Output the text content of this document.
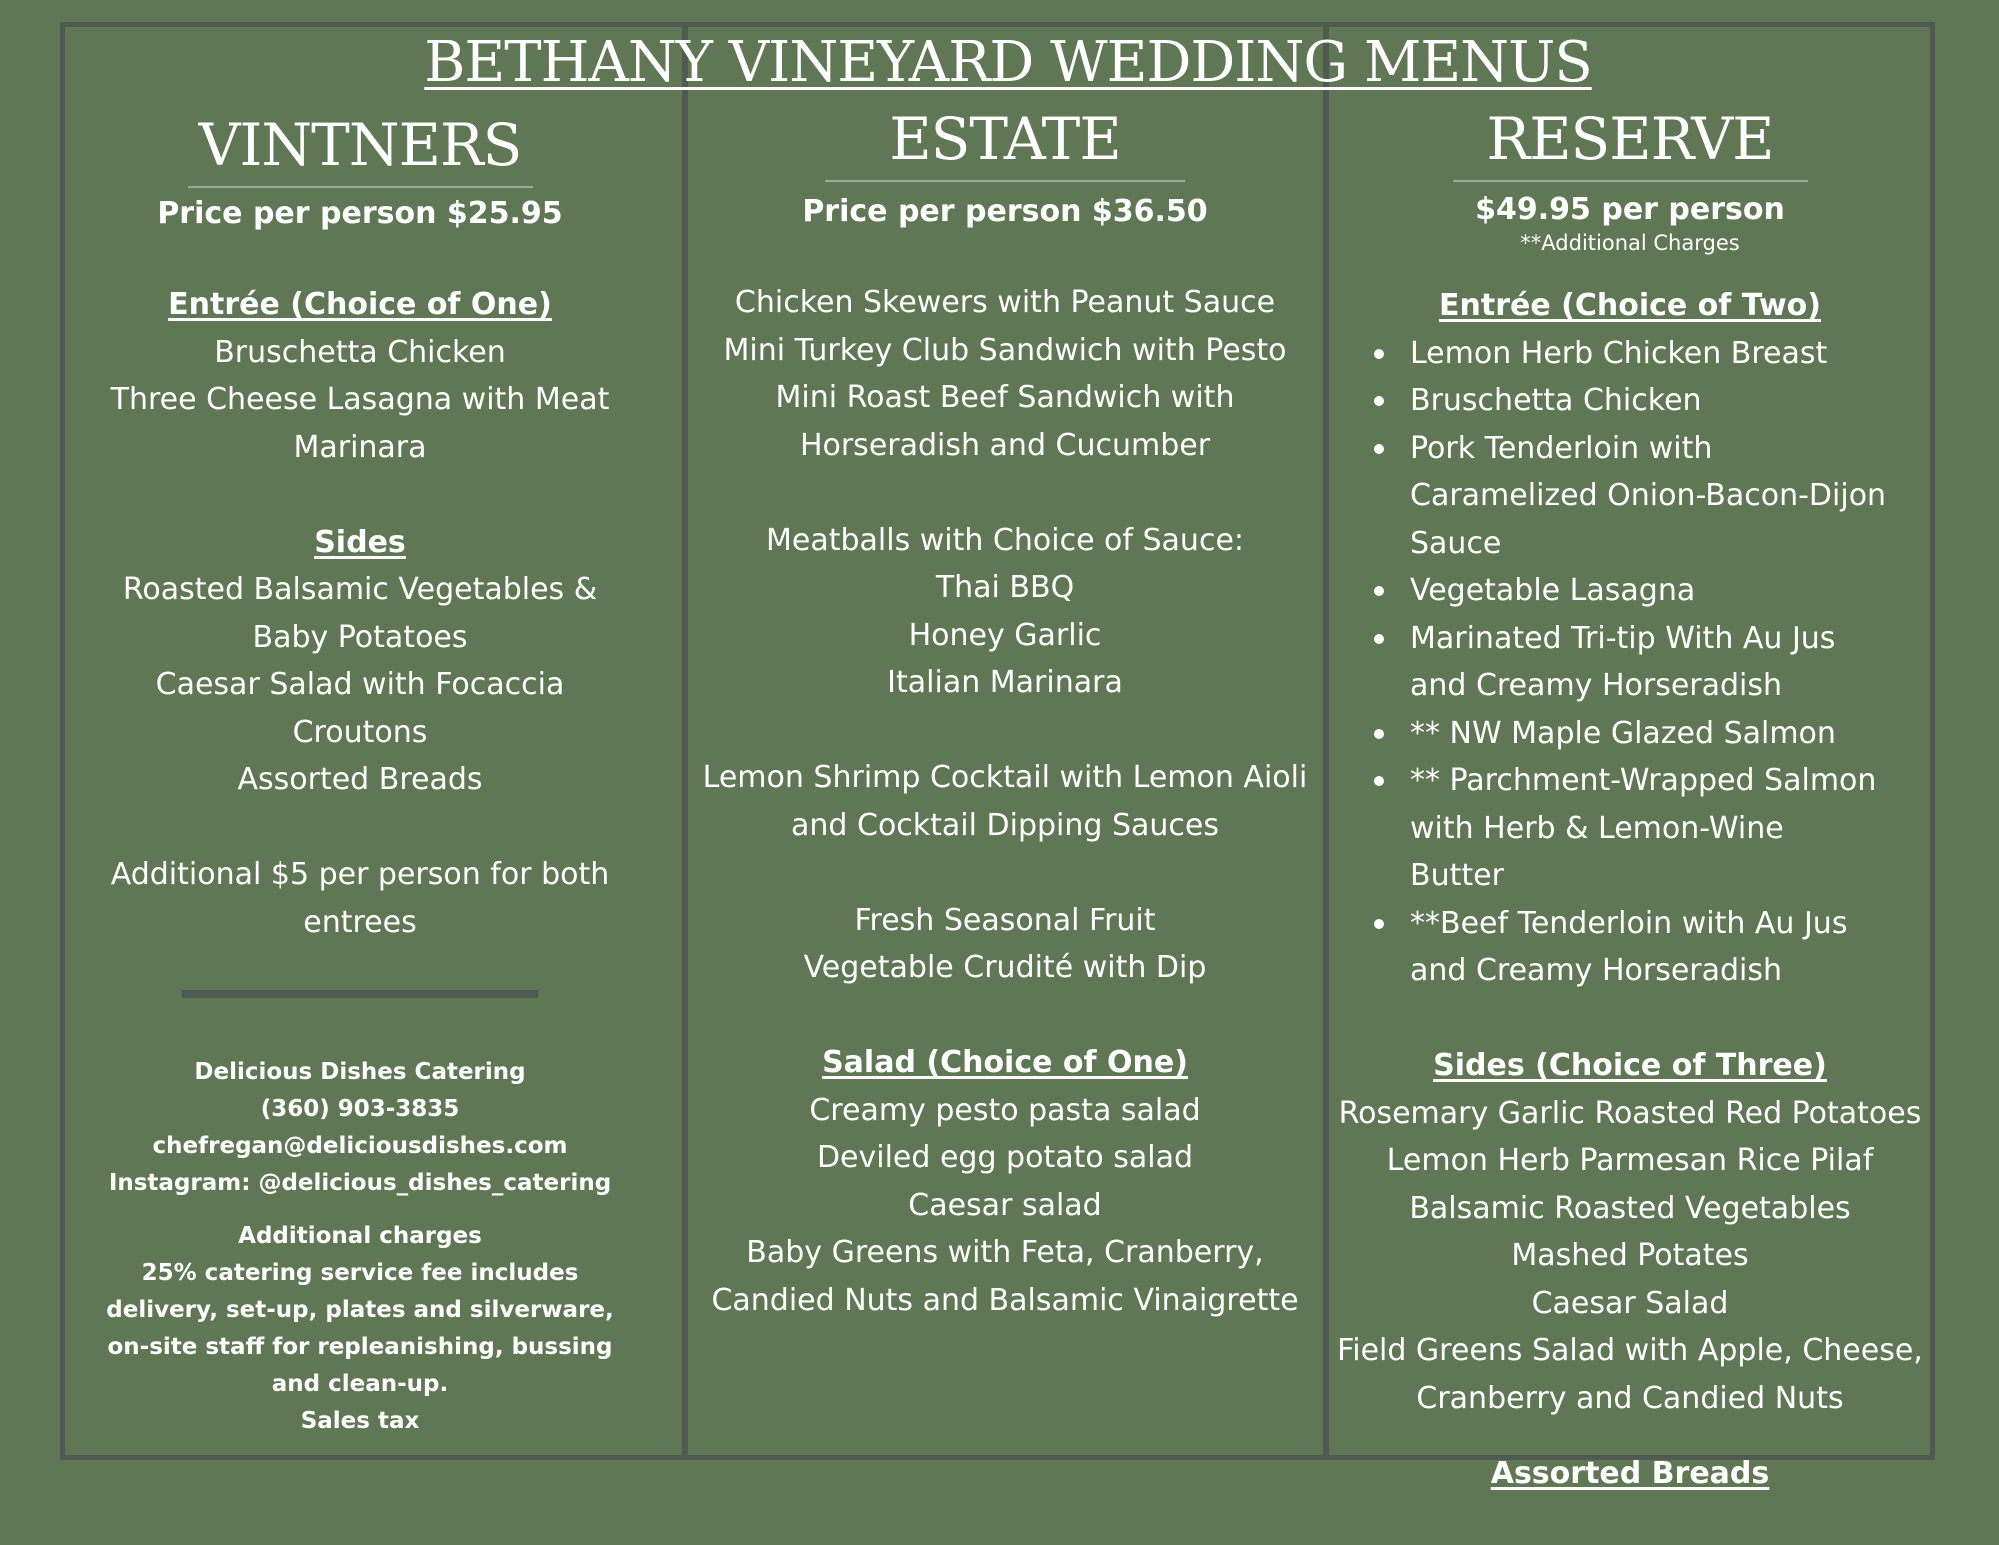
BETHANY VINEYARD WEDDING MENUS
VINTNERS
Price per person $25.95
Entrée (Choice of One)
Bruschetta Chicken
Three Cheese Lasagna with Meat
Marinara
Sides
Roasted Balsamic Vegetables &
Baby Potatoes
Caesar Salad with Focaccia
Croutons
Assorted Breads
Additional $5 per person for both
entrees
Delicious Dishes Catering
(360) 903-3835
chefregan@deliciousdishes.com
Instagram: @delicious_dishes_catering
Additional charges
25% catering service fee includes
delivery, set-up, plates and silverware,
on-site staff for repleanishing, bussing
and clean-up.
Sales tax
ESTATE
Price per person $36.50
Chicken Skewers with Peanut Sauce
Mini Turkey Club Sandwich with Pesto
Mini Roast Beef Sandwich with
Horseradish and Cucumber
Meatballs with Choice of Sauce:
Thai BBQ
Honey Garlic
Italian Marinara
Lemon Shrimp Cocktail with Lemon Aioli
and Cocktail Dipping Sauces
Fresh Seasonal Fruit
Vegetable Crudité with Dip
Salad (Choice of One)
Creamy pesto pasta salad
Deviled egg potato salad
Caesar salad
Baby Greens with Feta, Cranberry,
Candied Nuts and Balsamic Vinaigrette
RESERVE
$49.95 per person
**Additional Charges
Entrée (Choice of Two)
Lemon Herb Chicken Breast
Bruschetta Chicken
Pork Tenderloin with Caramelized Onion-Bacon-Dijon Sauce
Vegetable Lasagna
Marinated Tri-tip With Au Jus and Creamy Horseradish
** NW Maple Glazed Salmon
** Parchment-Wrapped Salmon with Herb & Lemon-Wine Butter
**Beef Tenderloin with Au Jus and Creamy Horseradish
Sides (Choice of Three)
Rosemary Garlic Roasted Red Potatoes
Lemon Herb Parmesan Rice Pilaf
Balsamic Roasted Vegetables
Mashed Potates
Caesar Salad
Field Greens Salad with Apple, Cheese,
Cranberry and Candied Nuts
Assorted Breads
